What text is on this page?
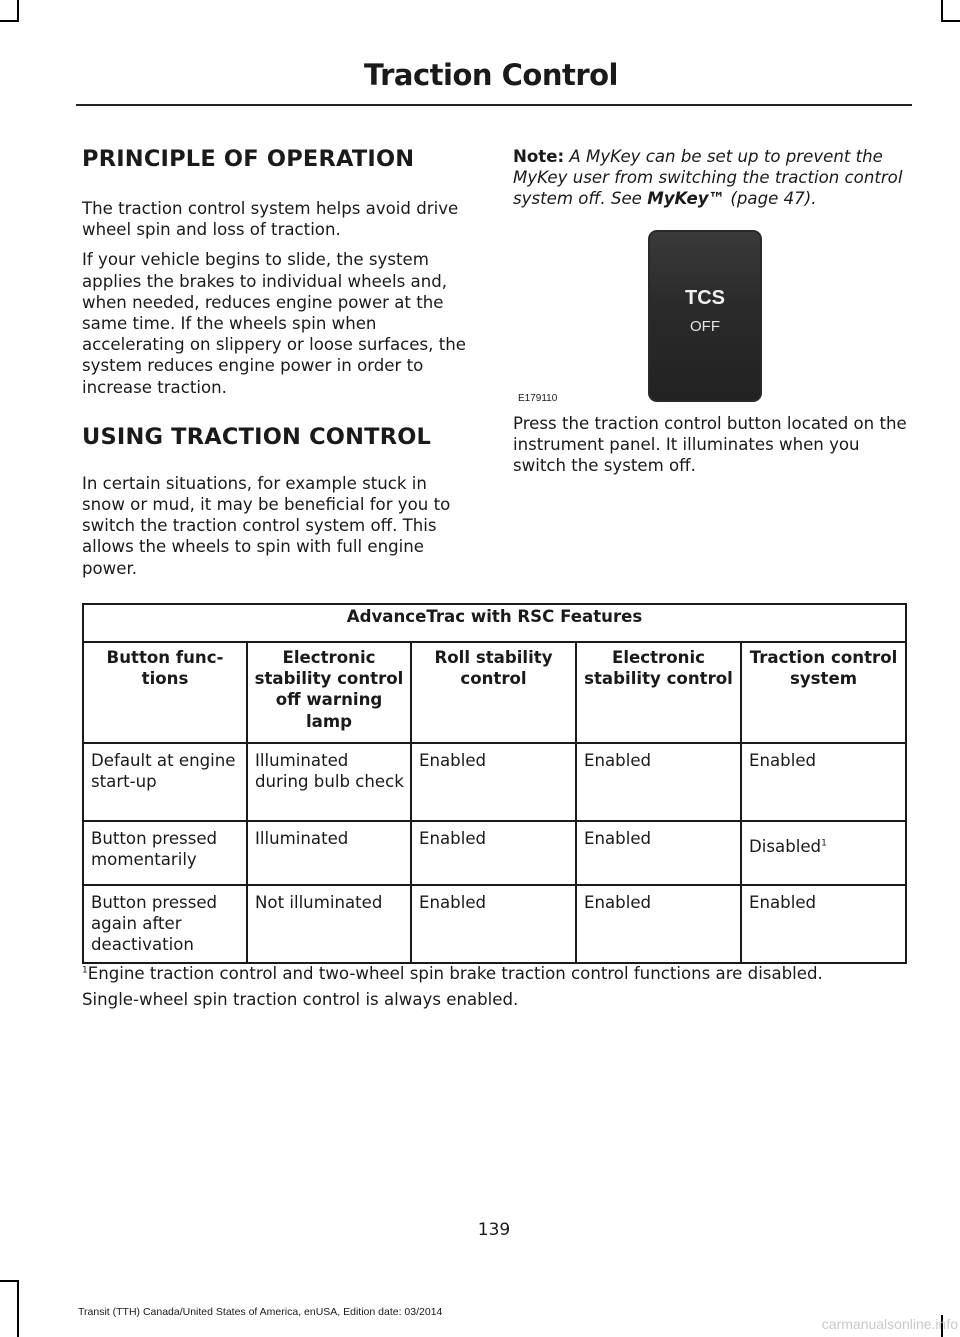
Traction Control
PRINCIPLE OF OPERATION

The traction control system helps avoid drive wheel spin and loss of traction.

If your vehicle begins to slide, the system applies the brakes to individual wheels and, when needed, reduces engine power at the same time. If the wheels spin when accelerating on slippery or loose surfaces, the system reduces engine power in order to increase traction.

USING TRACTION CONTROL

In certain situations, for example stuck in snow or mud, it may be beneficial for you to switch the traction control system off. This allows the wheels to spin with full engine power.

Note: A MyKey can be set up to prevent the MyKey user from switching the traction control system off. See MyKey™ (page 47).
TCS
OFF
E179110

Press the traction control button located on the instrument panel. It illuminates when you switch the system off.

AdvanceTrac with RSC Features				
Button func-tions	Electronic stability control off warning lamp	Roll stability control	Electronic stability control	Traction control system
Default at engine start-up	Illuminated during bulb check	Enabled	Enabled	Enabled
Button pressed momentarily	Illuminated	Enabled	Enabled	Disabled$^1$
Button pressed again after deactivation	Not illuminated	Enabled	Enabled	Enabled
$^1$Engine traction control and two-wheel spin brake traction control functions are disabled.
Single-wheel spin traction control is always enabled.
139
Transit (TTH) Canada/United States of America, enUSA, Edition date: 03/2014
carmanualsonline.info
